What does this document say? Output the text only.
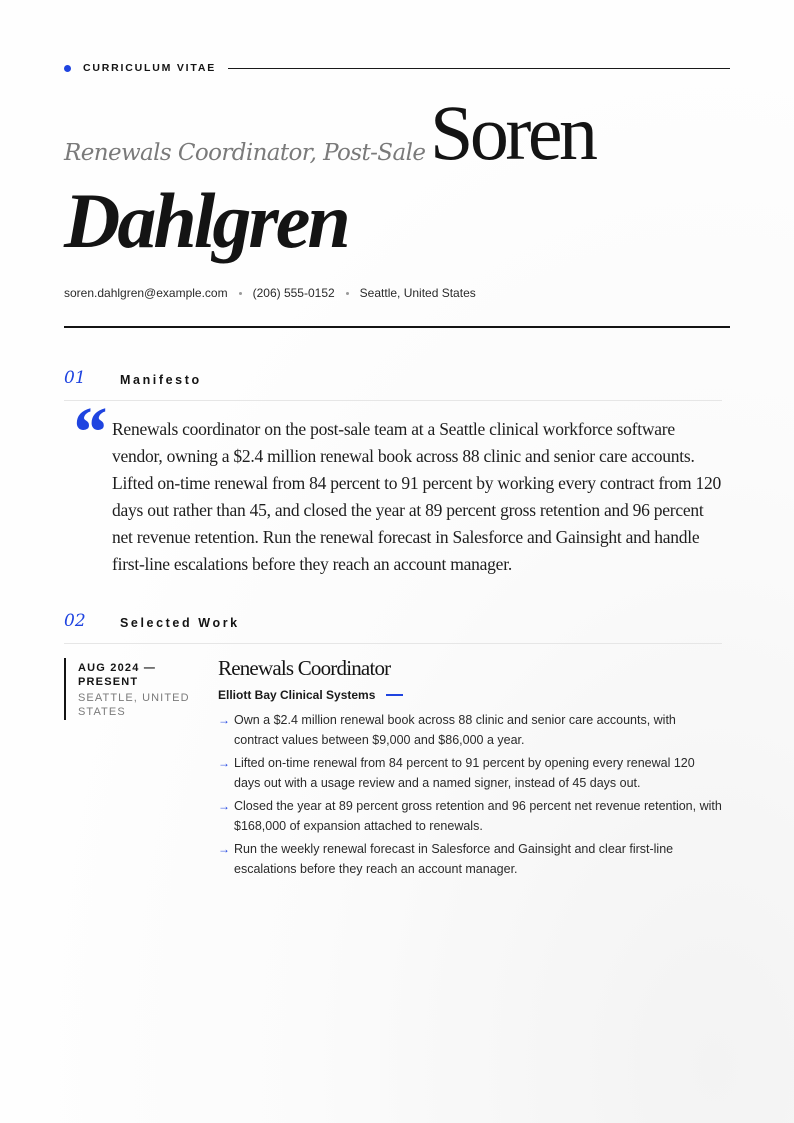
CURRICULUM VITAE
Renewals Coordinator, Post-Sale Soren
Dahlgren
soren.dahlgren@example.com (206) 555-0152 Seattle, United States
01	Manifesto
“ Renewals coordinator on the post-sale team at a Seattle clinical workforce software vendor, owning a $2.4 million renewal book across 88 clinic and senior care accounts. Lifted on-time renewal from 84 percent to 91 percent by working every contract from 120 days out rather than 45, and closed the year at 89 percent gross retention and 96 percent net revenue retention. Run the renewal forecast in Salesforce and Gainsight and handle first-line escalations before they reach an account manager.

02	Selected Work
AUG 2024 — PRESENT
SEATTLE, UNITED STATES
Renewals Coordinator
Elliott Bay Clinical Systems
→ Own a $2.4 million renewal book across 88 clinic and senior care accounts, with contract values between $9,000 and $86,000 a year.
→ Lifted on-time renewal from 84 percent to 91 percent by opening every renewal 120 days out with a usage review and a named signer, instead of 45 days out.
→ Closed the year at 89 percent gross retention and 96 percent net revenue retention, with $168,000 of expansion attached to renewals.
→ Run the weekly renewal forecast in Salesforce and Gainsight and clear first-line escalations before they reach an account manager.
